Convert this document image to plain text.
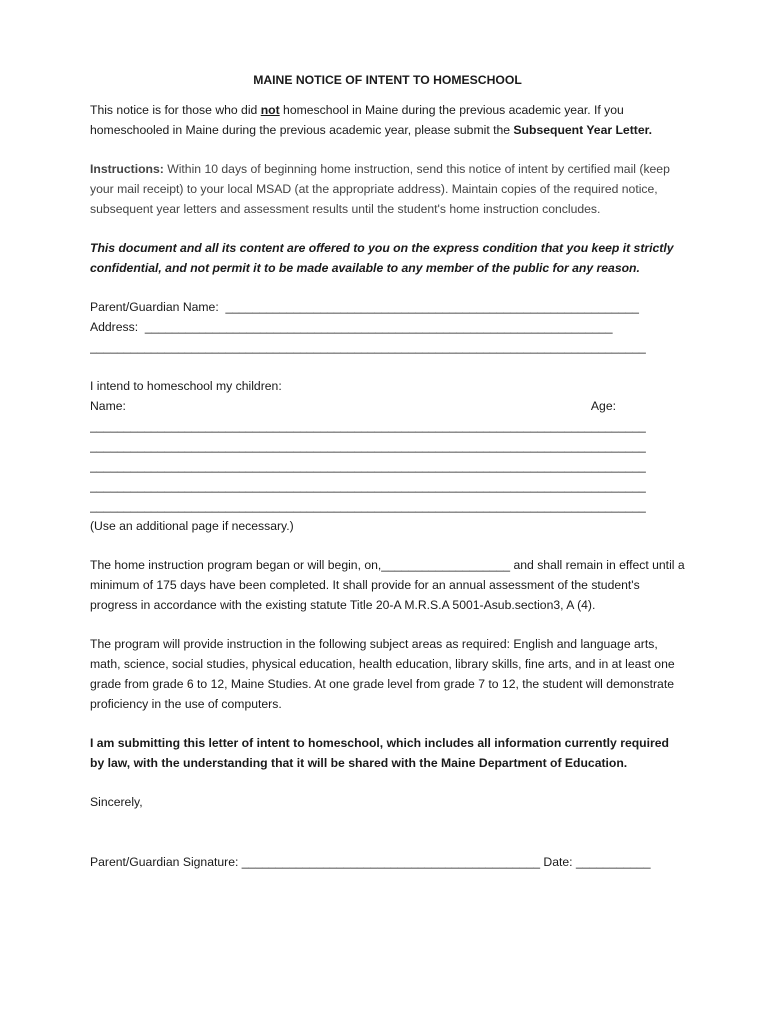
MAINE NOTICE OF INTENT TO HOMESCHOOL

This notice is for those who did not homeschool in Maine during the previous academic year. If you homeschooled in Maine during the previous academic year, please submit the Subsequent Year Letter.

Instructions: Within 10 days of beginning home instruction, send this notice of intent by certified mail (keep your mail receipt) to your local MSAD (at the appropriate address). Maintain copies of the required notice, subsequent year letters and assessment results until the student's home instruction concludes.

This document and all its content are offered to you on the express condition that you keep it strictly confidential, and not permit it to be made available to any member of the public for any reason.

Parent/Guardian Name: _____________________________________________________________
Address: _____________________________________________________________________
__________________________________________________________________________________

I intend to homeschool my children:

Name:	Age:
__________________________________________________________________________________
__________________________________________________________________________________
__________________________________________________________________________________
__________________________________________________________________________________
__________________________________________________________________________________

(Use an additional page if necessary.)

The home instruction program began or will begin, on,___________________ and shall remain in effect until a minimum of 175 days have been completed. It shall provide for an annual assessment of the student's progress in accordance with the existing statute Title 20-A M.R.S.A 5001-Asub.section3, A (4).

The program will provide instruction in the following subject areas as required: English and language arts, math, science, social studies, physical education, health education, library skills, fine arts, and in at least one grade from grade 6 to 12, Maine Studies. At one grade level from grade 7 to 12, the student will demonstrate proficiency in the use of computers.

I am submitting this letter of intent to homeschool, which includes all information currently required by law, with the understanding that it will be shared with the Maine Department of Education.

Sincerely,

Parent/Guardian Signature: ____________________________________________ Date: ___________
